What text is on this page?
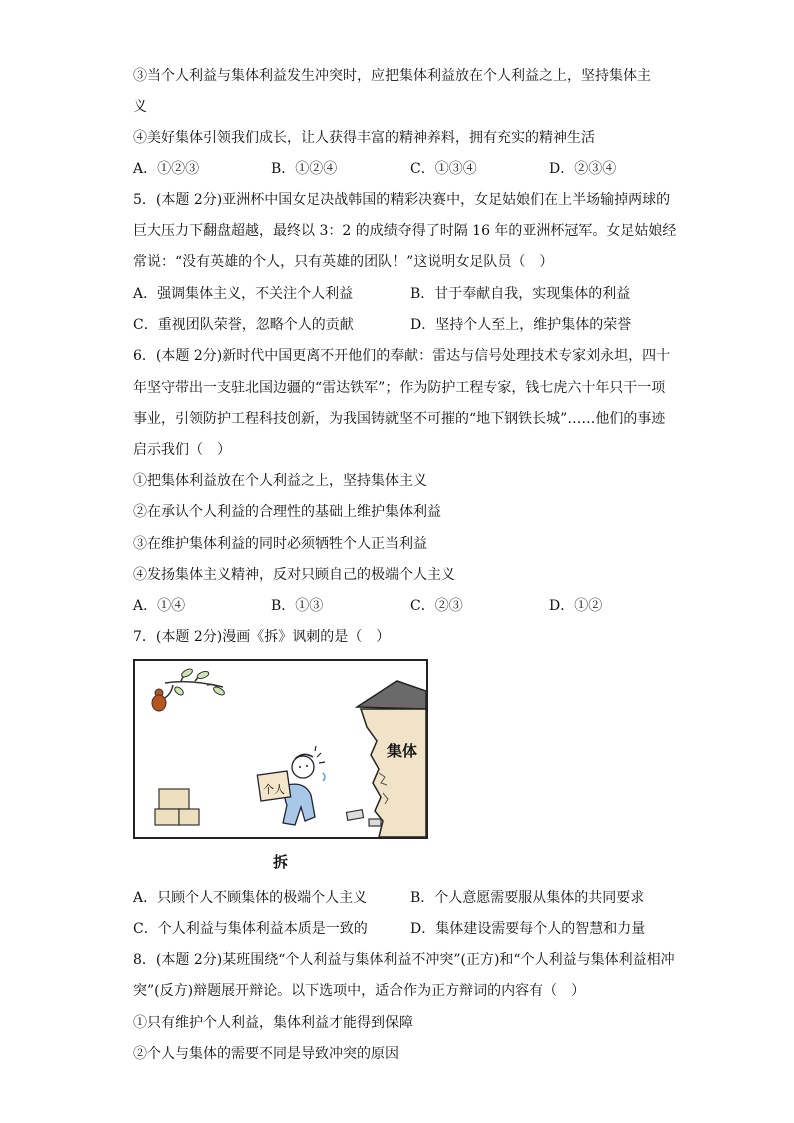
③当个人利益与集体利益发生冲突时，应把集体利益放在个人利益之上，坚持集体主
义
④美好集体引领我们成长，让人获得丰富的精神养料，拥有充实的精神生活
A．①②③	B．①②④	C．①③④	D．②③④
5．(本题 2分)亚洲杯中国女足决战韩国的精彩决赛中，女足姑娘们在上半场输掉两球的
巨大压力下翻盘超越，最终以 3：2 的成绩夺得了时隔 16 年的亚洲杯冠军。女足姑娘经
常说：“没有英雄的个人，只有英雄的团队！”这说明女足队员（　）
A．强调集体主义，不关注个人利益	B．甘于奉献自我，实现集体的利益
C．重视团队荣誉，忽略个人的贡献	D．坚持个人至上，维护集体的荣誉
6．(本题 2分)新时代中国更离不开他们的奉献：雷达与信号处理技术专家刘永坦，四十
年坚守带出一支驻北国边疆的“雷达铁军”；作为防护工程专家，钱七虎六十年只干一项
事业，引领防护工程科技创新，为我国铸就坚不可摧的“地下钢铁长城”……他们的事迹
启示我们（　）
①把集体利益放在个人利益之上，坚持集体主义
②在承认个人利益的合理性的基础上维护集体利益
③在维护集体利益的同时必须牺牲个人正当利益
④发扬集体主义精神，反对只顾自己的极端个人主义
A．①④	B．①③	C．②③	D．①②
7．(本题 2分)漫画《拆》讽刺的是（　）
集体
个人
拆
A．只顾个人不顾集体的极端个人主义	B．个人意愿需要服从集体的共同要求
C．个人利益与集体利益本质是一致的	D．集体建设需要每个人的智慧和力量
8．(本题 2分)某班围绕“个人利益与集体利益不冲突”(正方)和“个人利益与集体利益相冲
突”(反方)辩题展开辩论。以下选项中，适合作为正方辩词的内容有（　）
①只有维护个人利益，集体利益才能得到保障
②个人与集体的需要不同是导致冲突的原因
